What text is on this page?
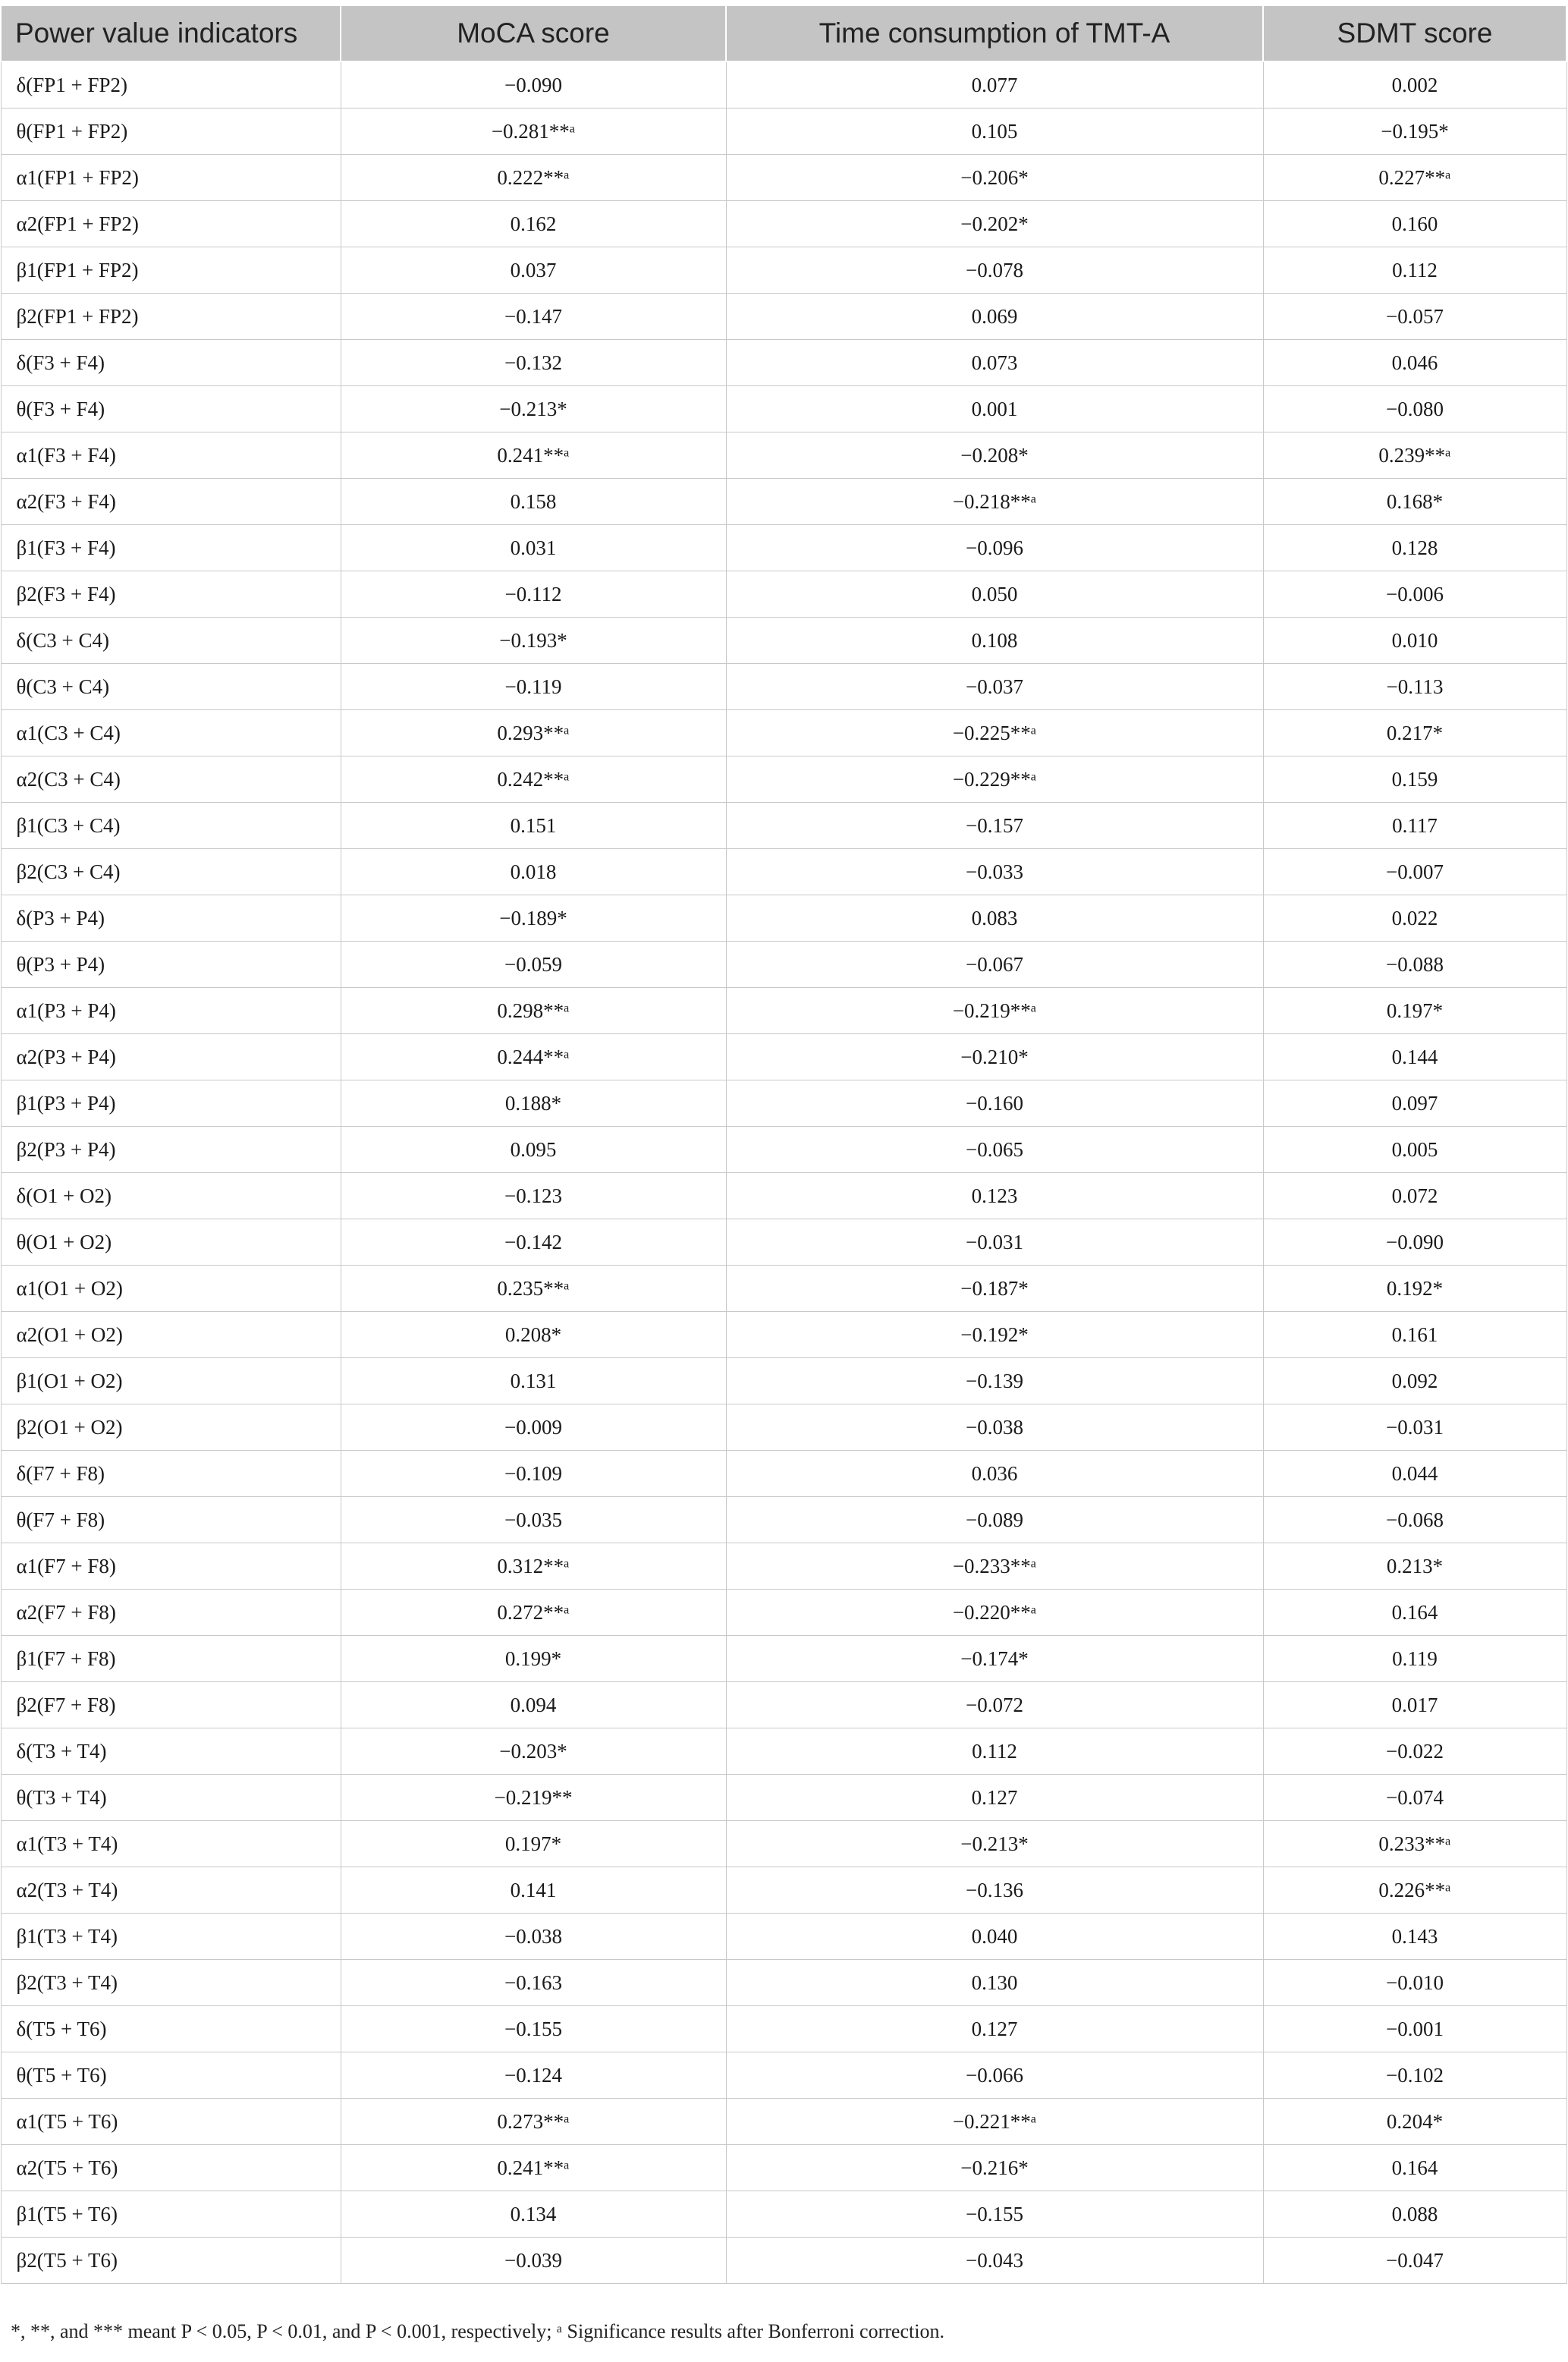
Power value indicators	MoCA score	Time consumption of TMT-A	SDMT score
δ(FP1 + FP2)	−0.090	0.077	0.002
θ(FP1 + FP2)	−0.281**ᵃ	0.105	−0.195*
α1(FP1 + FP2)	0.222**ᵃ	−0.206*	0.227**ᵃ
α2(FP1 + FP2)	0.162	−0.202*	0.160
β1(FP1 + FP2)	0.037	−0.078	0.112
β2(FP1 + FP2)	−0.147	0.069	−0.057
δ(F3 + F4)	−0.132	0.073	0.046
θ(F3 + F4)	−0.213*	0.001	−0.080
α1(F3 + F4)	0.241**ᵃ	−0.208*	0.239**ᵃ
α2(F3 + F4)	0.158	−0.218**ᵃ	0.168*
β1(F3 + F4)	0.031	−0.096	0.128
β2(F3 + F4)	−0.112	0.050	−0.006
δ(C3 + C4)	−0.193*	0.108	0.010
θ(C3 + C4)	−0.119	−0.037	−0.113
α1(C3 + C4)	0.293**ᵃ	−0.225**ᵃ	0.217*
α2(C3 + C4)	0.242**ᵃ	−0.229**ᵃ	0.159
β1(C3 + C4)	0.151	−0.157	0.117
β2(C3 + C4)	0.018	−0.033	−0.007
δ(P3 + P4)	−0.189*	0.083	0.022
θ(P3 + P4)	−0.059	−0.067	−0.088
α1(P3 + P4)	0.298**ᵃ	−0.219**ᵃ	0.197*
α2(P3 + P4)	0.244**ᵃ	−0.210*	0.144
β1(P3 + P4)	0.188*	−0.160	0.097
β2(P3 + P4)	0.095	−0.065	0.005
δ(O1 + O2)	−0.123	0.123	0.072
θ(O1 + O2)	−0.142	−0.031	−0.090
α1(O1 + O2)	0.235**ᵃ	−0.187*	0.192*
α2(O1 + O2)	0.208*	−0.192*	0.161
β1(O1 + O2)	0.131	−0.139	0.092
β2(O1 + O2)	−0.009	−0.038	−0.031
δ(F7 + F8)	−0.109	0.036	0.044
θ(F7 + F8)	−0.035	−0.089	−0.068
α1(F7 + F8)	0.312**ᵃ	−0.233**ᵃ	0.213*
α2(F7 + F8)	0.272**ᵃ	−0.220**ᵃ	0.164
β1(F7 + F8)	0.199*	−0.174*	0.119
β2(F7 + F8)	0.094	−0.072	0.017
δ(T3 + T4)	−0.203*	0.112	−0.022
θ(T3 + T4)	−0.219**	0.127	−0.074
α1(T3 + T4)	0.197*	−0.213*	0.233**ᵃ
α2(T3 + T4)	0.141	−0.136	0.226**ᵃ
β1(T3 + T4)	−0.038	0.040	0.143
β2(T3 + T4)	−0.163	0.130	−0.010
δ(T5 + T6)	−0.155	0.127	−0.001
θ(T5 + T6)	−0.124	−0.066	−0.102
α1(T5 + T6)	0.273**ᵃ	−0.221**ᵃ	0.204*
α2(T5 + T6)	0.241**ᵃ	−0.216*	0.164
β1(T5 + T6)	0.134	−0.155	0.088
β2(T5 + T6)	−0.039	−0.043	−0.047
*, **, and *** meant P < 0.05, P < 0.01, and P < 0.001, respectively; ᵃ Significance results after Bonferroni correction.
